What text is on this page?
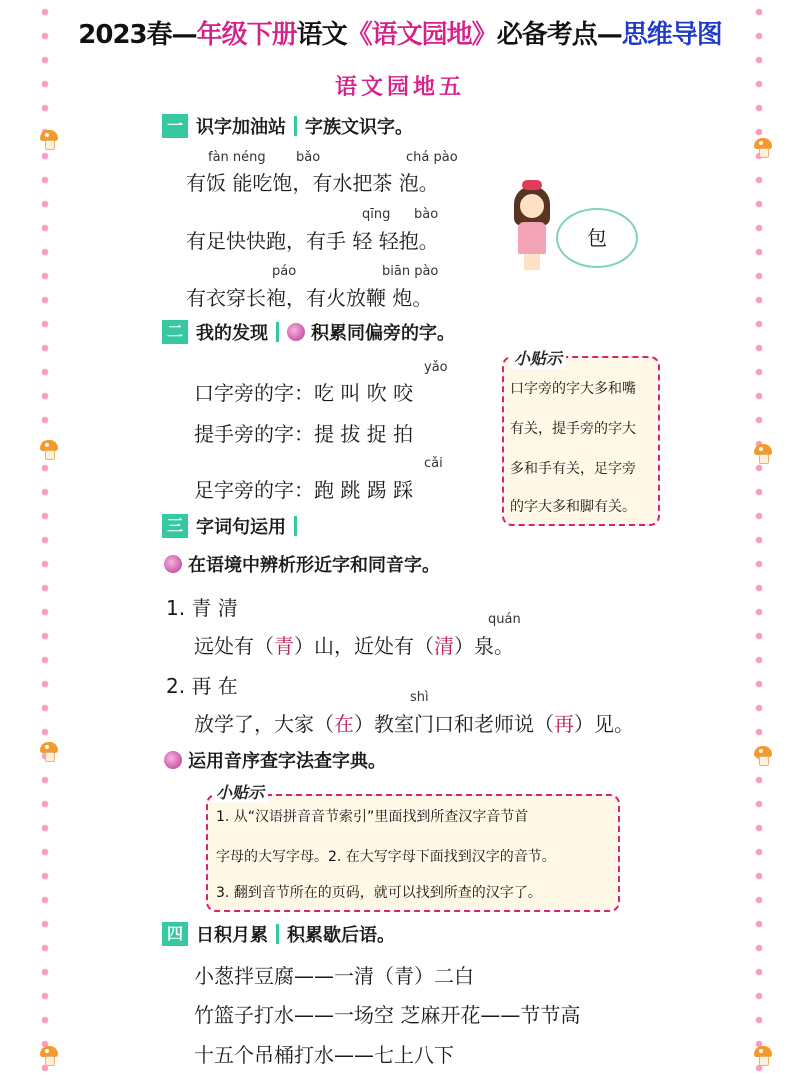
2023春—年级下册语文《语文园地》必备考点—思维导图
语文园地五
一 识字加油站 字族文识字。
fàn néng bǎo	chá pào
有饭 能吃饱，有水把茶 泡。
qīng bào
有足快快跑，有手 轻 轻抱。
páo	biān pào
有衣穿长袍，有火放鞭 炮。
包
二 我的发现 积累同偏旁的字。
yǎo
口字旁的字：吃 叫 吹 咬
提手旁的字：提 拔 捉 拍
cǎi
足字旁的字：跑 跳 踢 踩
小贴示
口字旁的字大多和嘴
有关，提手旁的字大
多和手有关，足字旁
的字大多和脚有关。
三 字词句运用
在语境中辨析形近字和同音字。
1. 青 清	quán
远处有（青）山，近处有（清）泉。
2. 再 在	shì
放学了，大家（在）教室门口和老师说（再）见。
运用音序查字法查字典。
小贴示
1. 从“汉语拼音音节索引”里面找到所查汉字音节首
字母的大写字母。2. 在大写字母下面找到汉字的音节。
3. 翻到音节所在的页码，就可以找到所查的汉字了。
四 日积月累 积累歇后语。
小葱拌豆腐——一清（青）二白
竹篮子打水——一场空 芝麻开花——节节高
十五个吊桶打水——七上八下
